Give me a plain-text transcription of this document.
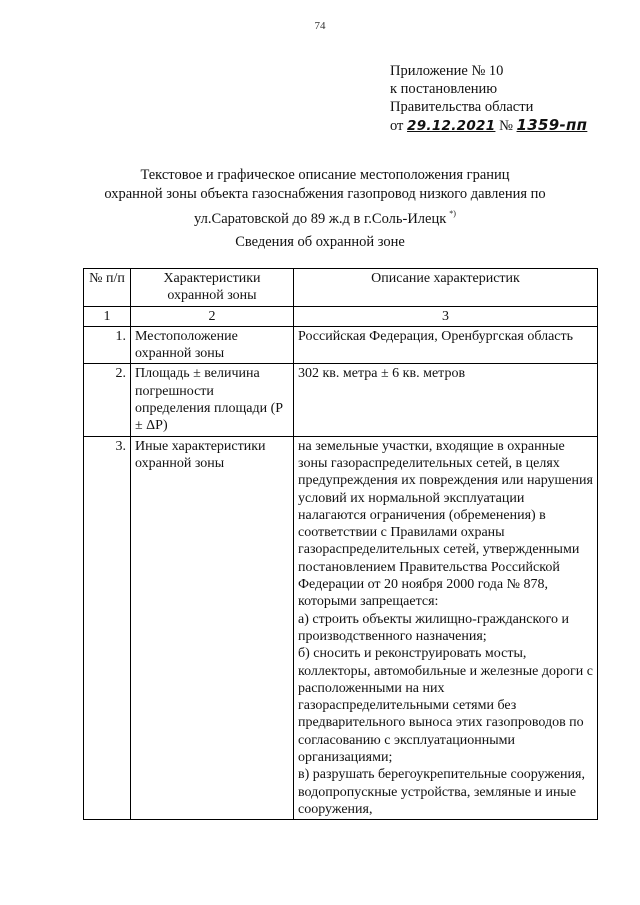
74
Приложение № 10
к постановлению
Правительства области
от 29.12.2021 № 1359-пп
Текстовое и графическое описание местоположения границ
охранной зоны объекта газоснабжения газопровод низкого давления по
ул.Саратовской до 89 ж.д в г.Соль-Илецк *)
Сведения об охранной зоне
№ п/п	Характеристики охранной зоны	Описание характеристик
1	2	3
1.	Местоположение охранной зоны	Российская Федерация, Оренбургская область

2.	Площадь ± величина погрешности определения площади (Р ± ΔР)	302 кв. метра ± 6 кв. метров

3.	Иные характеристики охранной зоны	на земельные участки, входящие в охранные зоны газораспределительных сетей, в целях предупреждения их повреждения или нарушения условий их нормальной эксплуатации налагаются ограничения (обременения) в соответствии с Правилами охраны газораспределительных сетей, утвержденными постановлением Правительства Российской Федерации от 20 ноября 2000 года № 878, которыми запрещается:

а) строить объекты жилищно-гражданского и производственного назначения;

б) сносить и реконструировать мосты, коллекторы, автомобильные и железные дороги с расположенными на них газораспределительными сетями без предварительного выноса этих газопроводов по согласованию с эксплуатационными организациями;

в) разрушать берегоукрепительные сооружения, водопропускные устройства, земляные и иные сооружения,
